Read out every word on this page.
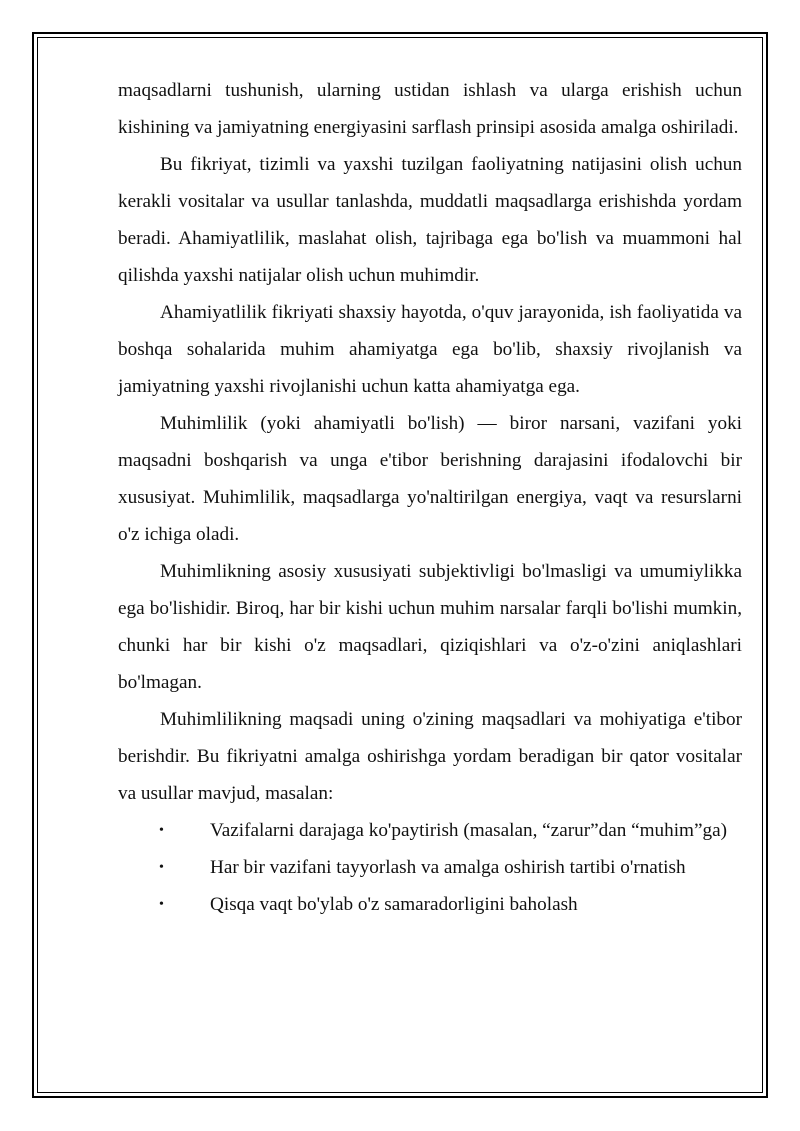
maqsadlarni tushunish, ularning ustidan ishlash va ularga erishish uchun kishining va jamiyatning energiyasini sarflash prinsipi asosida amalga oshiriladi.

Bu fikriyat, tizimli va yaxshi tuzilgan faoliyatning natijasini olish uchun kerakli vositalar va usullar tanlashda, muddatli maqsadlarga erishishda yordam beradi. Ahamiyatlilik, maslahat olish, tajribaga ega bo'lish va muammoni hal qilishda yaxshi natijalar olish uchun muhimdir.

Ahamiyatlilik fikriyati shaxsiy hayotda, o'quv jarayonida, ish faoliyatida va boshqa sohalarida muhim ahamiyatga ega bo'lib, shaxsiy rivojlanish va jamiyatning yaxshi rivojlanishi uchun katta ahamiyatga ega.

Muhimlilik (yoki ahamiyatli bo'lish) — biror narsani, vazifani yoki maqsadni boshqarish va unga e'tibor berishning darajasini ifodalovchi bir xususiyat. Muhimlilik, maqsadlarga yo'naltirilgan energiya, vaqt va resurslarni o'z ichiga oladi.

Muhimlikning asosiy xususiyati subjektivligi bo'lmasligi va umumiylikka ega bo'lishidir. Biroq, har bir kishi uchun muhim narsalar farqli bo'lishi mumkin, chunki har bir kishi o'z maqsadlari, qiziqishlari va o'z-o'zini aniqlashlari bo'lmagan.

Muhimlilikning maqsadi uning o'zining maqsadlari va mohiyatiga e'tibor berishdir. Bu fikriyatni amalga oshirishga yordam beradigan bir qator vositalar va usullar mavjud, masalan:

• Vazifalarni darajaga ko'paytirish (masalan, “zarur”dan “muhim”ga)
• Har bir vazifani tayyorlash va amalga oshirish tartibi o'rnatish
• Qisqa vaqt bo'ylab o'z samaradorligini baholash
